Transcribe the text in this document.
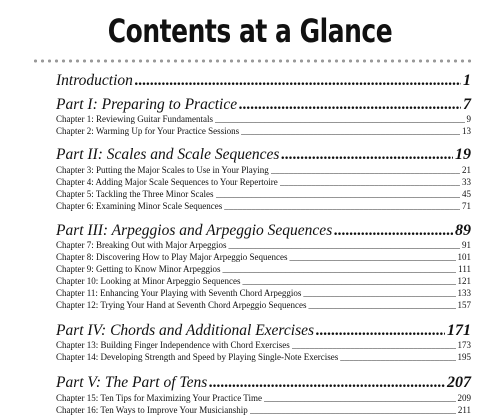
Contents at a Glance
Introduction .....	1
Part I: Preparing to Practice .....	7
Chapter 1: Reviewing Guitar Fundamentals _____	9
Chapter 2: Warming Up for Your Practice Sessions _____	13
Part II: Scales and Scale Sequences .....	19
Chapter 3: Putting the Major Scales to Use in Your Playing _____	21
Chapter 4: Adding Major Scale Sequences to Your Repertoire _____	33
Chapter 5: Tackling the Three Minor Scales _____	45
Chapter 6: Examining Minor Scale Sequences _____	71
Part III: Arpeggios and Arpeggio Sequences .....	89
Chapter 7: Breaking Out with Major Arpeggios _____	91
Chapter 8: Discovering How to Play Major Arpeggio Sequences _____	101
Chapter 9: Getting to Know Minor Arpeggios _____	111
Chapter 10: Looking at Minor Arpeggio Sequences _____	121
Chapter 11: Enhancing Your Playing with Seventh Chord Arpeggios _____	133
Chapter 12: Trying Your Hand at Seventh Chord Arpeggio Sequences _____	157
Part IV: Chords and Additional Exercises .....	171
Chapter 13: Building Finger Independence with Chord Exercises _____	173
Chapter 14: Developing Strength and Speed by Playing Single-Note Exercises _____	195
Part V: The Part of Tens .....	207
Chapter 15: Ten Tips for Maximizing Your Practice Time _____	209
Chapter 16: Ten Ways to Improve Your Musicianship _____	211
